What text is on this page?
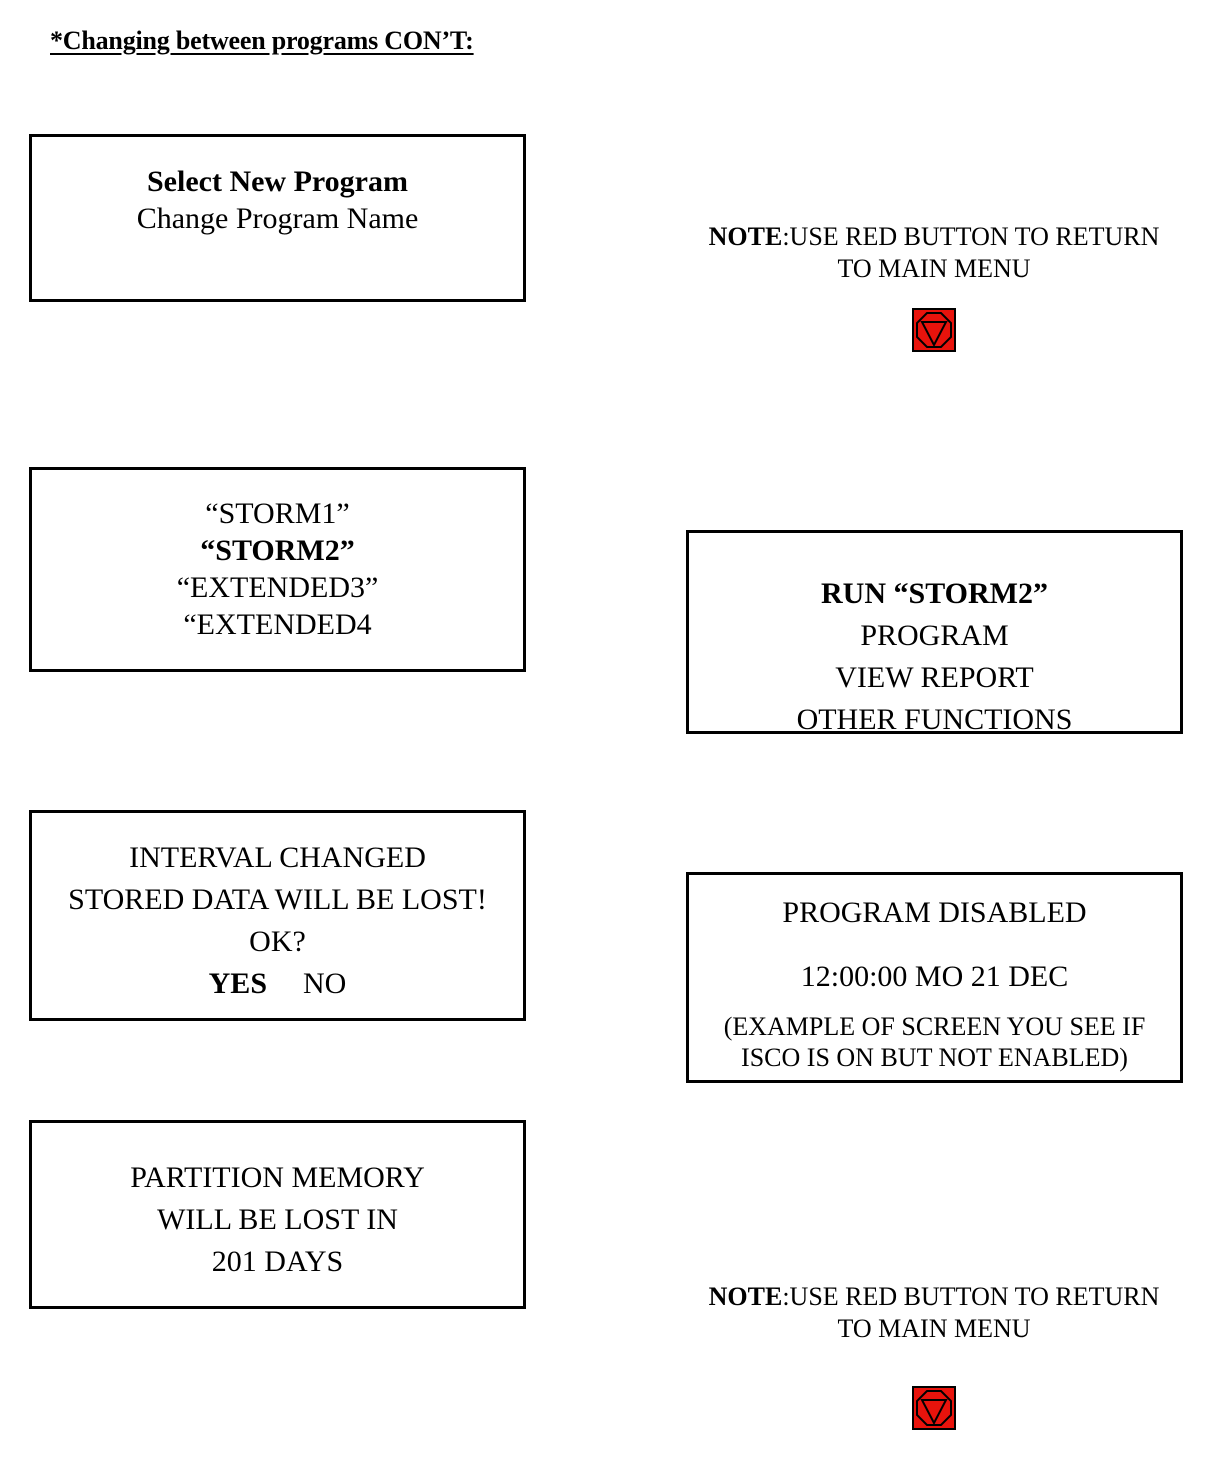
*Changing between programs CON’T:
Select New Program
Change Program Name
NOTE:USE RED BUTTON TO RETURN
TO MAIN MENU
“STORM1”
“STORM2”
“EXTENDED3”
“EXTENDED4
RUN “STORM2”
PROGRAM
VIEW REPORT
OTHER FUNCTIONS
INTERVAL CHANGED
STORED DATA WILL BE LOST!
OK?
YES NO
PROGRAM DISABLED
12:00:00 MO 21 DEC
(EXAMPLE OF SCREEN YOU SEE IF
ISCO IS ON BUT NOT ENABLED)
PARTITION MEMORY
WILL BE LOST IN
201 DAYS
NOTE:USE RED BUTTON TO RETURN
TO MAIN MENU
